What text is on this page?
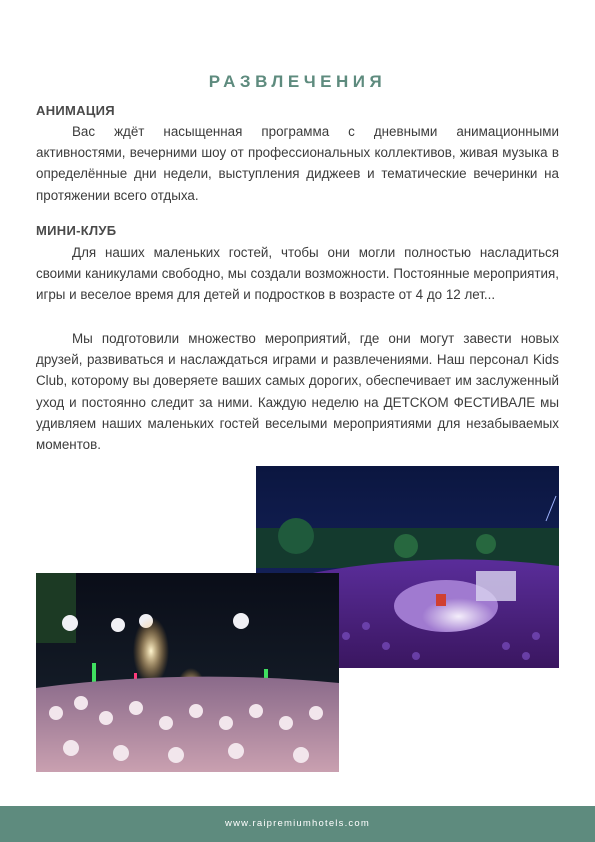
РАЗВЛЕЧЕНИЯ
АНИМАЦИЯ

Вас ждёт насыщенная программа с дневными анимационными активностями, вечерними шоу от профессиональных коллективов, живая музыка в определённые дни недели, выступления диджеев и тематические вечеринки на протяжении всего отдыха.

МИНИ-КЛУБ

Для наших маленьких гостей, чтобы они могли полностью насладиться своими каникулами свободно, мы создали возможности. Постоянные мероприятия, игры и веселое время для детей и подростков в возрасте от 4 до 12 лет...

Мы подготовили множество мероприятий, где они могут завести новых друзей, развиваться и наслаждаться играми и развлечениями. Наш персонал Kids Club, которому вы доверяете ваших самых дорогих, обеспечивает им заслуженный уход и постоянно следит за ними. Каждую неделю на ДЕТСКОМ ФЕСТИВАЛЕ мы удивляем наших маленьких гостей веселыми мероприятиями для незабываемых моментов.

www.raipremiumhotels.com
